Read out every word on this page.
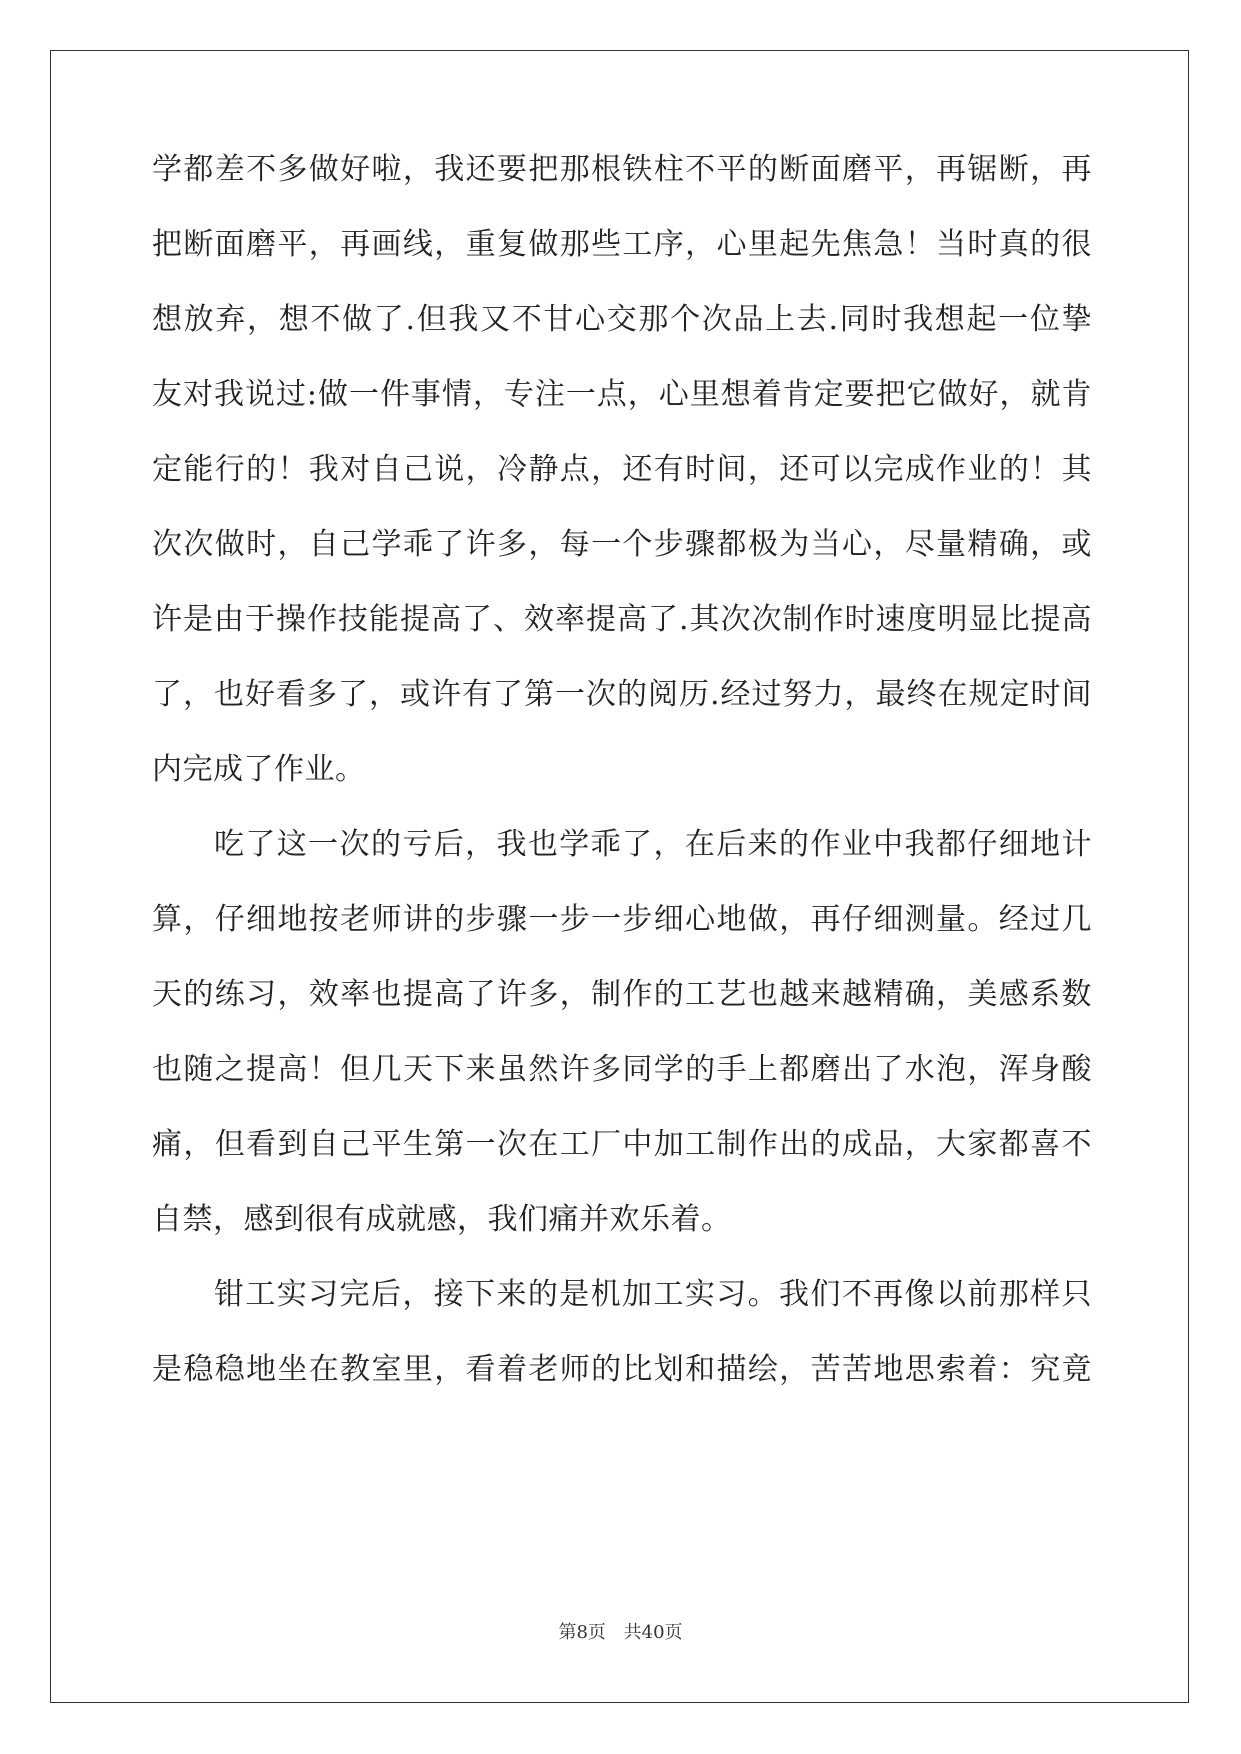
学都差不多做好啦，我还要把那根铁柱不平的断面磨平，再锯断，再
把断面磨平，再画线，重复做那些工序，心里起先焦急！当时真的很
想放弃，想不做了.但我又不甘心交那个次品上去.同时我想起一位挚
友对我说过:做一件事情，专注一点，心里想着肯定要把它做好，就肯
定能行的！我对自己说，冷静点，还有时间，还可以完成作业的！其
次次做时，自己学乖了许多，每一个步骤都极为当心，尽量精确，或
许是由于操作技能提高了、效率提高了.其次次制作时速度明显比提高
了，也好看多了，或许有了第一次的阅历.经过努力，最终在规定时间
内完成了作业。
吃了这一次的亏后，我也学乖了，在后来的作业中我都仔细地计
算，仔细地按老师讲的步骤一步一步细心地做，再仔细测量。经过几
天的练习，效率也提高了许多，制作的工艺也越来越精确，美感系数
也随之提高！但几天下来虽然许多同学的手上都磨出了水泡，浑身酸
痛，但看到自己平生第一次在工厂中加工制作出的成品，大家都喜不
自禁，感到很有成就感，我们痛并欢乐着。
钳工实习完后，接下来的是机加工实习。我们不再像以前那样只
是稳稳地坐在教室里，看着老师的比划和描绘，苦苦地思索着：究竟
第8页 共40页
